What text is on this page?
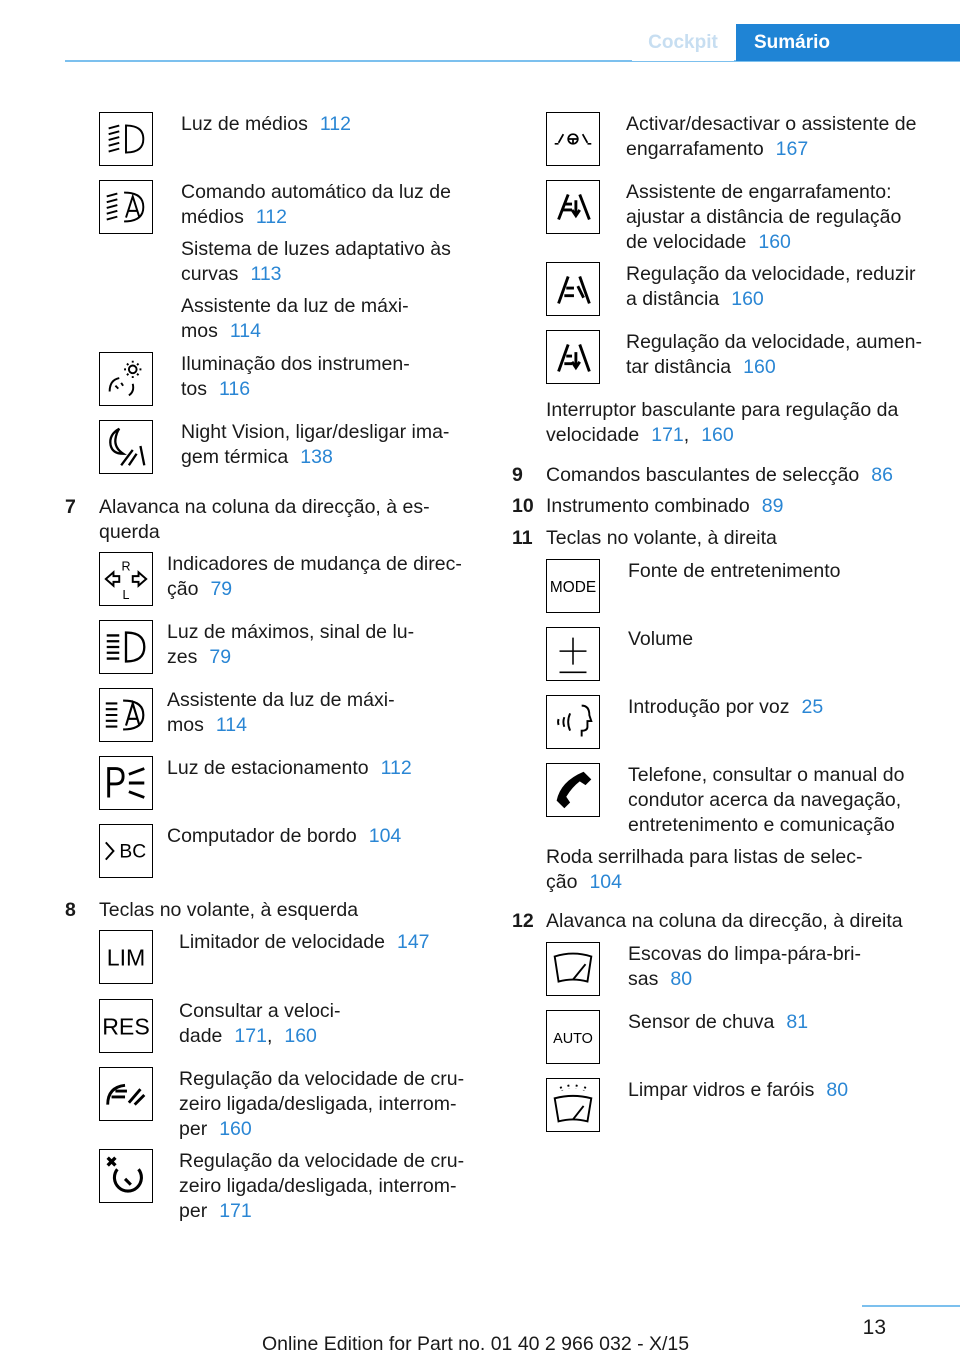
Cockpit	Sumário
Luz de médios 112
Comando automático da luz de
médios 112
Sistema de luzes adaptativo às
curvas 113
Assistente da luz de máxi-
mos 114
Iluminação dos instrumen-
tos 116
Night Vision, ligar/desligar ima-
gem térmica 138
7 Alavanca na coluna da direcção, à es-
querda
R
L
Indicadores de mudança de direc-
ção 79
Luz de máximos, sinal de lu-
zes 79
Assistente da luz de máxi-
mos 114
Luz de estacionamento 112
BC
Computador de bordo 104
8 Teclas no volante, à esquerda
LIM
Limitador de velocidade 147
RES
Consultar a veloci-
dade 171, 160
Regulação da velocidade de cru-
zeiro ligada/desligada, interrom-
per 160
Regulação da velocidade de cru-
zeiro ligada/desligada, interrom-
per 171
Activar/desactivar o assistente de
engarrafamento 167
Assistente de engarrafamento:
ajustar a distância de regulação
de velocidade 160
Regulação da velocidade, reduzir
a distância 160
Regulação da velocidade, aumen-
tar distância 160
Interruptor basculante para regulação da
velocidade 171, 160
9 Comandos basculantes de selecção 86
10 Instrumento combinado 89
11 Teclas no volante, à direita
MODE
Fonte de entretenimento
Volume
Introdução por voz 25
Telefone, consultar o manual do
condutor acerca da navegação,
entretenimento e comunicação
Roda serrilhada para listas de selec-
ção 104
12 Alavanca na coluna da direcção, à direita
Escovas do limpa-pára-bri-
sas 80
AUTO
Sensor de chuva 81
Limpar vidros e faróis 80
13
Online Edition for Part no. 01 40 2 966 032 - X/15
